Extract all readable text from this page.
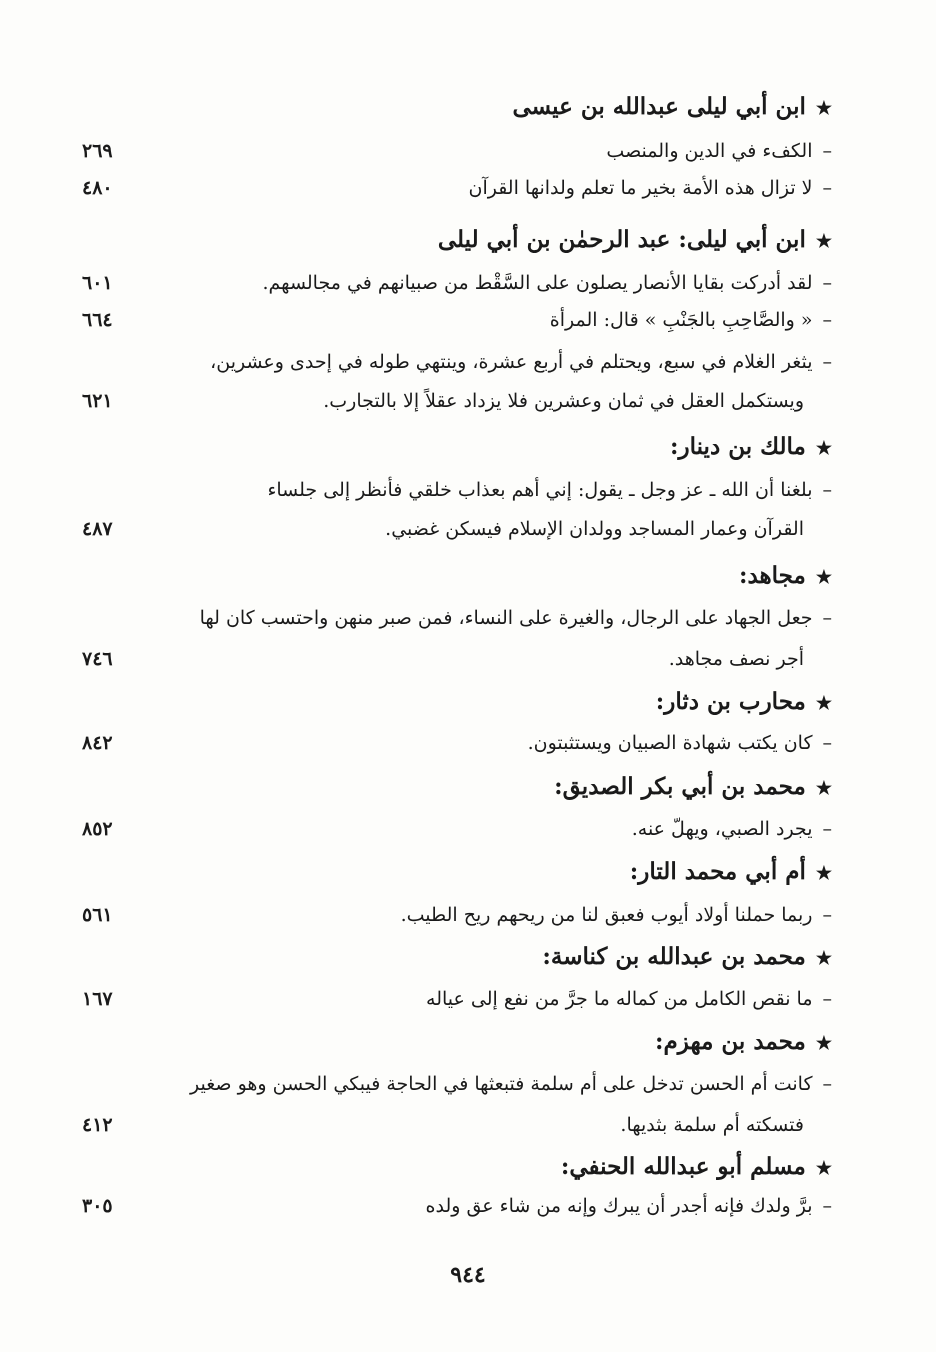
★ابن أبي ليلى عبدالله بن عيسى
–الكفء في الدين والمنصب
٢٦٩
–لا تزال هذه الأمة بخير ما تعلم ولدانها القرآن
٤٨٠
★ابن أبي ليلى: عبد الرحمٰن بن أبي ليلى
–لقد أدركت بقايا الأنصار يصلون على السَّقْط من صبيانهم في مجالسهم.
٦٠١
–« والصَّاحِبِ بالجَنْبِ » قال: المرأة
٦٦٤
–يثغر الغلام في سبع، ويحتلم في أربع عشرة، وينتهي طوله في إحدى وعشرين،
ويستكمل العقل في ثمان وعشرين فلا يزداد عقلاً إلا بالتجارب.
٦٢١
★مالك بن دينار:
–بلغنا أن الله ـ عز وجل ـ يقول: إني أهم بعذاب خلقي فأنظر إلى جلساء
القرآن وعمار المساجد وولدان الإسلام فيسكن غضبي.
٤٨٧
★مجاهد:
–جعل الجهاد على الرجال، والغيرة على النساء، فمن صبر منهن واحتسب كان لها
أجر نصف مجاهد.
٧٤٦
★محارب بن دثار:
–كان يكتب شهادة الصبيان ويستثبتون.
٨٤٢
★محمد بن أبي بكر الصديق:
–يجرد الصبي، ويهلّ عنه.
٨٥٢
★أم أبي محمد التار:
–ربما حملنا أولاد أيوب فعبق لنا من ريحهم ريح الطيب.
٥٦١
★محمد بن عبدالله بن كناسة:
–ما نقص الكامل من كماله ما جرَّ من نفع إلى عياله
١٦٧
★محمد بن مهزم:
–كانت أم الحسن تدخل على أم سلمة فتبعثها في الحاجة فيبكي الحسن وهو صغير
فتسكته أم سلمة بثديها.
٤١٢
★مسلم أبو عبدالله الحنفي:
–برَّ ولدك فإنه أجدر أن يبرك وإنه من شاء عق ولده
٣٠٥
٩٤٤
